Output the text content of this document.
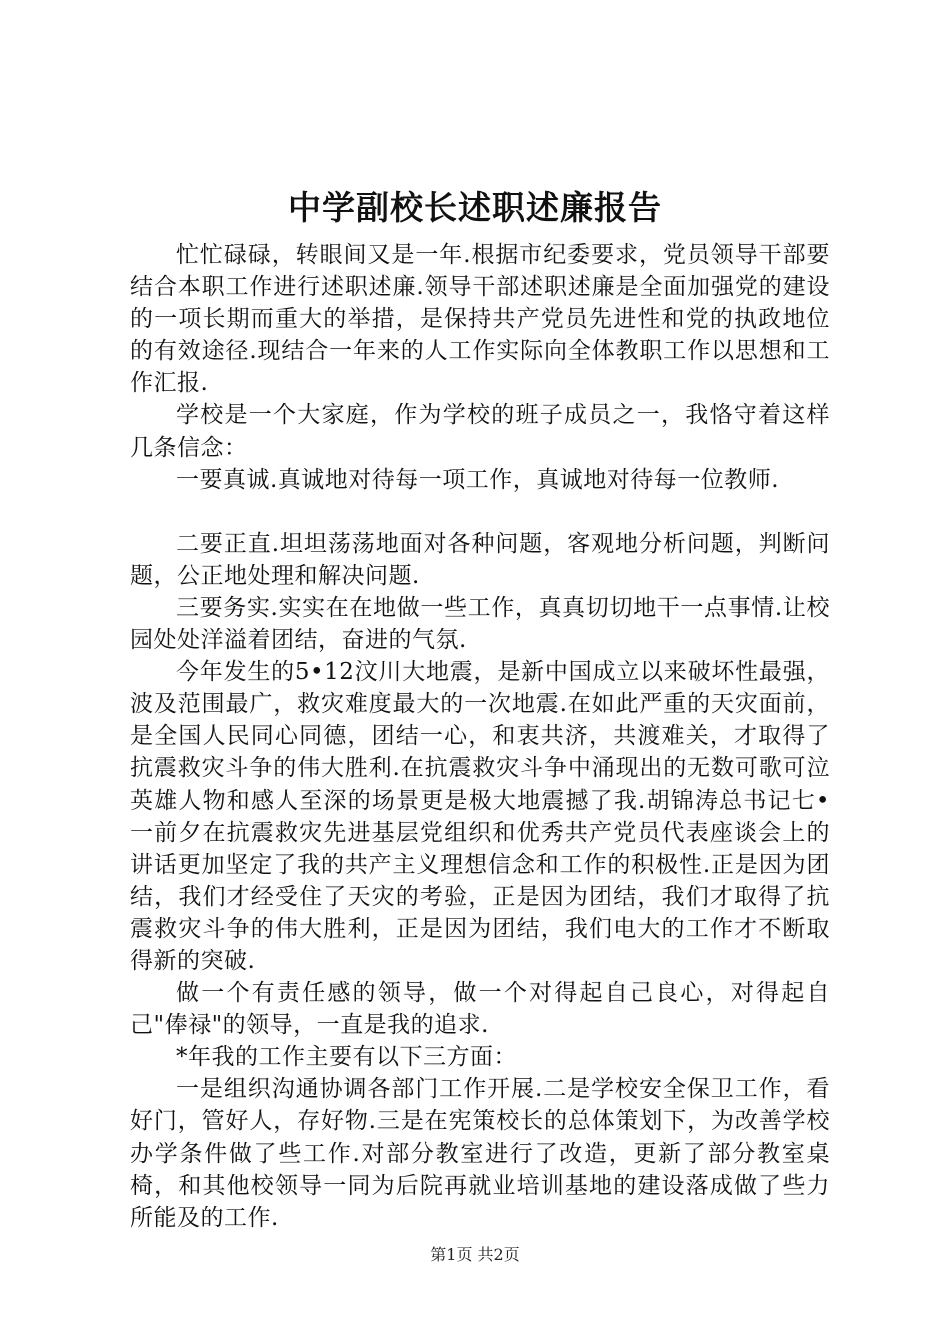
中学副校长述职述廉报告

忙忙碌碌，转眼间又是一年.根据市纪委要求，党员领导干部要结合本职工作进行述职述廉.领导干部述职述廉是全面加强党的建设的一项长期而重大的举措，是保持共产党员先进性和党的执政地位的有效途径.现结合一年来的人工作实际向全体教职工作以思想和工作汇报.

学校是一个大家庭，作为学校的班子成员之一，我恪守着这样几条信念：

一要真诚.真诚地对待每一项工作，真诚地对待每一位教师.

二要正直.坦坦荡荡地面对各种问题，客观地分析问题，判断问题，公正地处理和解决问题.

三要务实.实实在在地做一些工作，真真切切地干一点事情.让校园处处洋溢着团结，奋进的气氛.

今年发生的5•12汶川大地震，是新中国成立以来破坏性最强，波及范围最广，救灾难度最大的一次地震.在如此严重的天灾面前，是全国人民同心同德，团结一心，和衷共济，共渡难关，才取得了抗震救灾斗争的伟大胜利.在抗震救灾斗争中涌现出的无数可歌可泣英雄人物和感人至深的场景更是极大地震撼了我.胡锦涛总书记七•一前夕在抗震救灾先进基层党组织和优秀共产党员代表座谈会上的讲话更加坚定了我的共产主义理想信念和工作的积极性.正是因为团结，我们才经受住了天灾的考验，正是因为团结，我们才取得了抗震救灾斗争的伟大胜利，正是因为团结，我们电大的工作才不断取得新的突破.

做一个有责任感的领导，做一个对得起自己良心，对得起自己"俸禄"的领导，一直是我的追求.

*年我的工作主要有以下三方面：

一是组织沟通协调各部门工作开展.二是学校安全保卫工作，看好门，管好人，存好物.三是在宪策校长的总体策划下，为改善学校办学条件做了些工作.对部分教室进行了改造，更新了部分教室桌椅，和其他校领导一同为后院再就业培训基地的建设落成做了些力所能及的工作.

第1页 共2页
